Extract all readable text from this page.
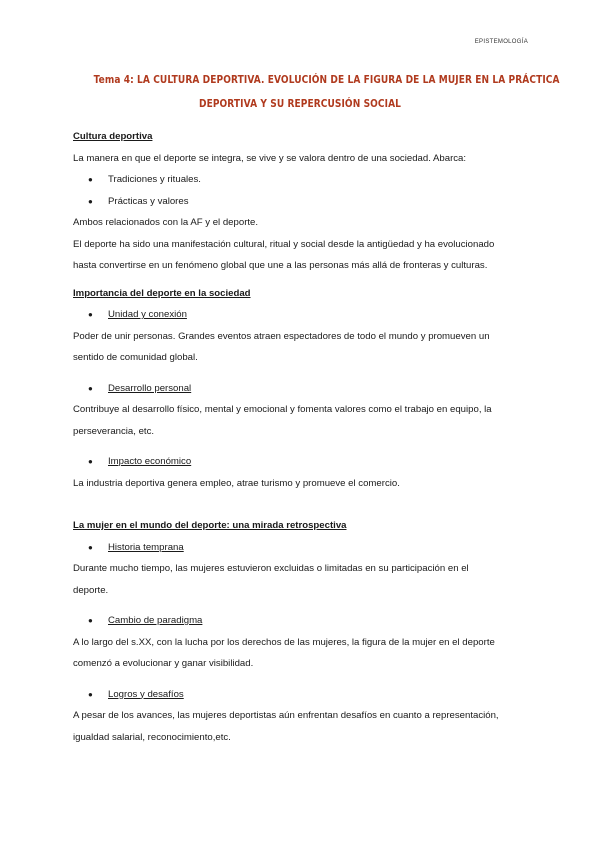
EPISTEMOLOGÍA
Tema 4: LA CULTURA DEPORTIVA. EVOLUCIÓN DE LA FIGURA DE LA MUJER EN LA PRÁCTICA
DEPORTIVA Y SU REPERCUSIÓN SOCIAL

Cultura deportiva

La manera en que el deporte se integra, se vive y se valora dentro de una sociedad. Abarca:

● Tradiciones y rituales.

● Prácticas y valores

Ambos relacionados con la AF y el deporte.

El deporte ha sido una manifestación cultural, ritual y social desde la antigüedad y ha evolucionado

hasta convertirse en un fenómeno global que une a las personas más allá de fronteras y culturas.

Importancia del deporte en la sociedad

● Unidad y conexión

Poder de unir personas. Grandes eventos atraen espectadores de todo el mundo y promueven un

sentido de comunidad global.

● Desarrollo personal

Contribuye al desarrollo físico, mental y emocional y fomenta valores como el trabajo en equipo, la

perseverancia, etc.

● Impacto económico

La industria deportiva genera empleo, atrae turismo y promueve el comercio.

La mujer en el mundo del deporte: una mirada retrospectiva

● Historia temprana

Durante mucho tiempo, las mujeres estuvieron excluidas o limitadas en su participación en el

deporte.

● Cambio de paradigma

A lo largo del s.XX, con la lucha por los derechos de las mujeres, la figura de la mujer en el deporte

comenzó a evolucionar y ganar visibilidad.

● Logros y desafíos

A pesar de los avances, las mujeres deportistas aún enfrentan desafíos en cuanto a representación,

igualdad salarial, reconocimiento,etc.
